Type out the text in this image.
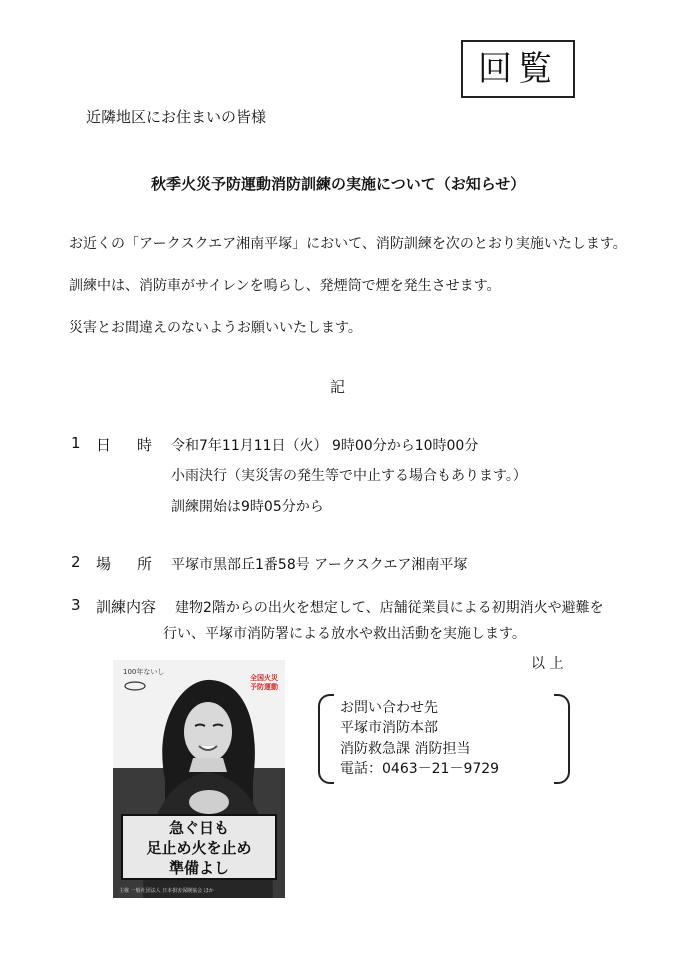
回覧
近隣地区にお住まいの皆様
秋季火災予防運動消防訓練の実施について（お知らせ）
お近くの「アークスクエア湘南平塚」において、消防訓練を次のとおり実施いたします。
訓練中は、消防車がサイレンを鳴らし、発煙筒で煙を発生させます。
災害とお間違えのないようお願いいたします。
記
1 日 時 令和7年11月11日（火） 9時00分から10時00分
小雨決行（実災害の発生等で中止する場合もあります。）
訓練開始は9時05分から
2 場 所 平塚市黒部丘1番58号 アークスクエア湘南平塚
3 訓練内容 建物2階からの出火を想定して、店舗従業員による初期消火や避難を
行い、平塚市消防署による放水や救出活動を実施します。
以 上
100年ないし
全国火災予防運動
急ぐ日も
足止め火を止め
準備よし
主催 一般社団法人 日本損害保険協会 ほか
お問い合わせ先
平塚市消防本部
消防救急課 消防担当
電話：0463－21－9729
